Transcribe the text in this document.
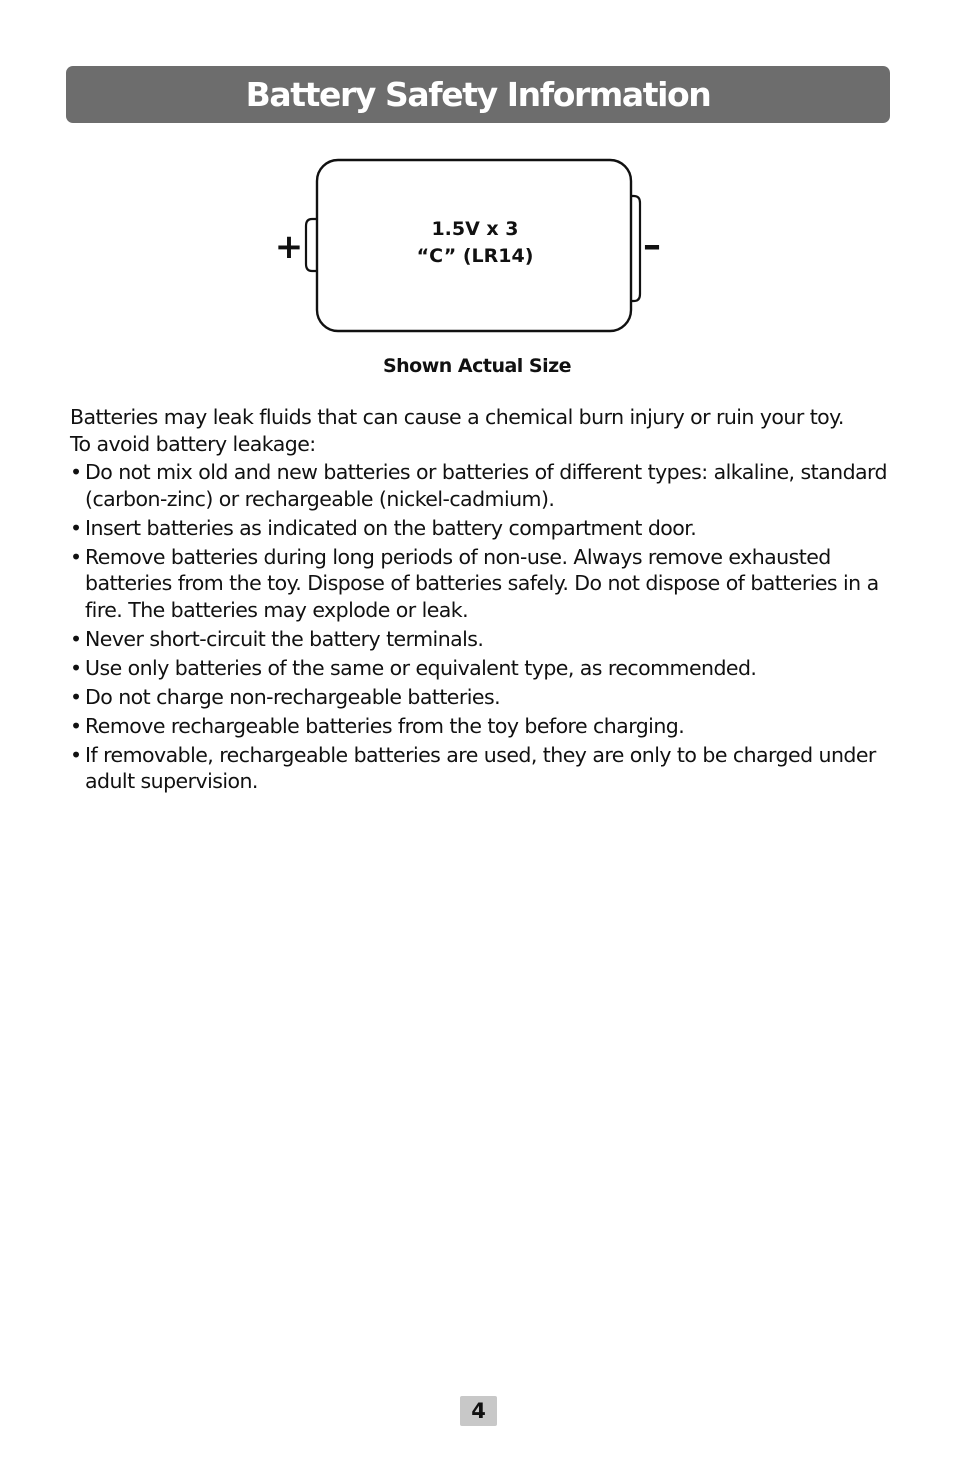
Battery Safety Information
+	–
1.5V x 3
“C” (LR14)
Shown Actual Size

Batteries may leak fluids that can cause a chemical burn injury or ruin your toy.

To avoid battery leakage:

• Do not mix old and new batteries or batteries of different types: alkaline, standard (carbon-zinc) or rechargeable (nickel-cadmium).
• Insert batteries as indicated on the battery compartment door.
• Remove batteries during long periods of non-use. Always remove exhausted batteries from the toy. Dispose of batteries safely. Do not dispose of batteries in a fire. The batteries may explode or leak.
• Never short-circuit the battery terminals.
• Use only batteries of the same or equivalent type, as recommended.
• Do not charge non-rechargeable batteries.
• Remove rechargeable batteries from the toy before charging.
• If removable, rechargeable batteries are used, they are only to be charged under adult supervision.
4
